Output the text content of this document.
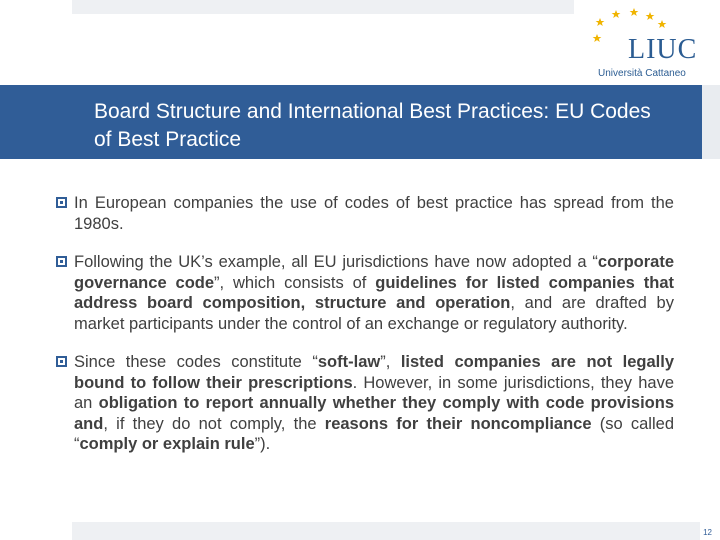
LIUC
Università Cattaneo
Board Structure and International Best Practices: EU Codes of Best Practice
In European companies the use of codes of best practice has spread from the 1980s.
Following the UK’s example, all EU jurisdictions have now adopted a “corporate governance code”, which consists of guidelines for listed companies that address board composition, structure and operation, and are drafted by market participants under the control of an exchange or regulatory authority.
Since these codes constitute “soft-law”, listed companies are not legally bound to follow their prescriptions. However, in some jurisdictions, they have an obligation to report annually whether they comply with code provisions and, if they do not comply, the reasons for their noncompliance (so called “comply or explain rule”).
12
